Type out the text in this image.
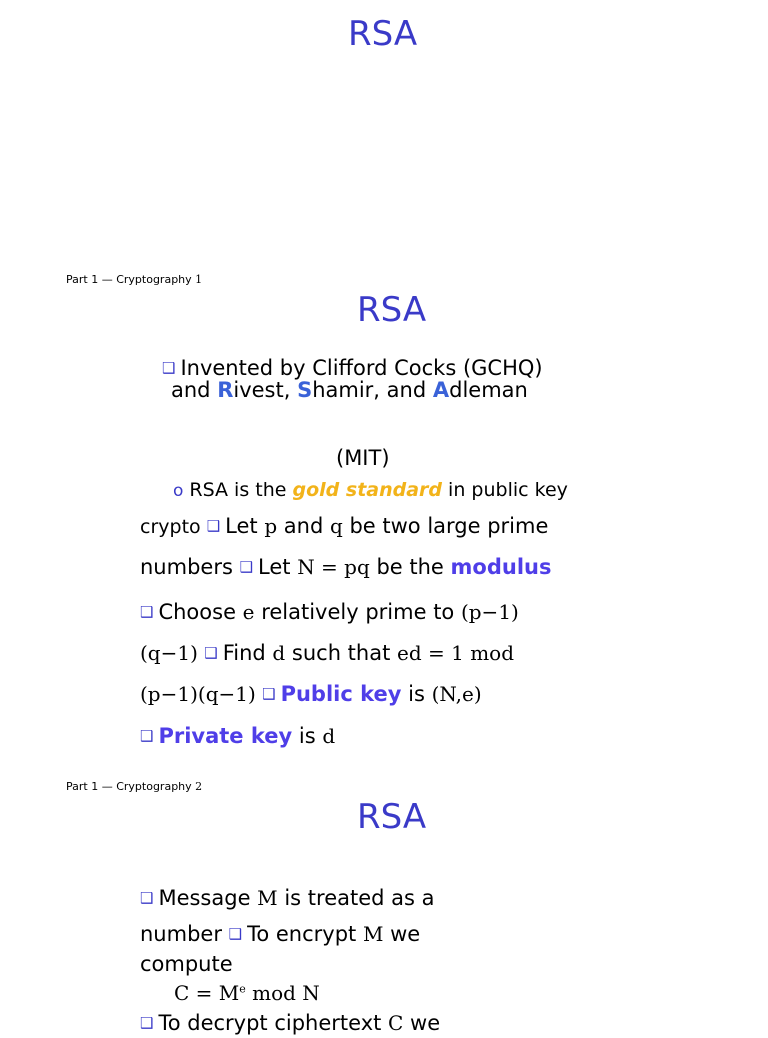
RSA
Part 1 — Cryptography 1
RSA
❑ Invented by Clifford Cocks (GCHQ)
and Rivest, Shamir, and Adleman
(MIT)
o RSA is the gold standard in public key
crypto ❑ Let p and q be two large prime
numbers ❑ Let N = pq be the modulus
❑ Choose e relatively prime to (p−1)
(q−1) ❑ Find d such that ed = 1 mod
(p−1)(q−1) ❑ Public key is (N,e)
❑ Private key is d
Part 1 — Cryptography 2
RSA
❑ Message M is treated as a
number ❑ To encrypt M we
compute
$C = M^e$ mod N
❑ To decrypt ciphertext C we
